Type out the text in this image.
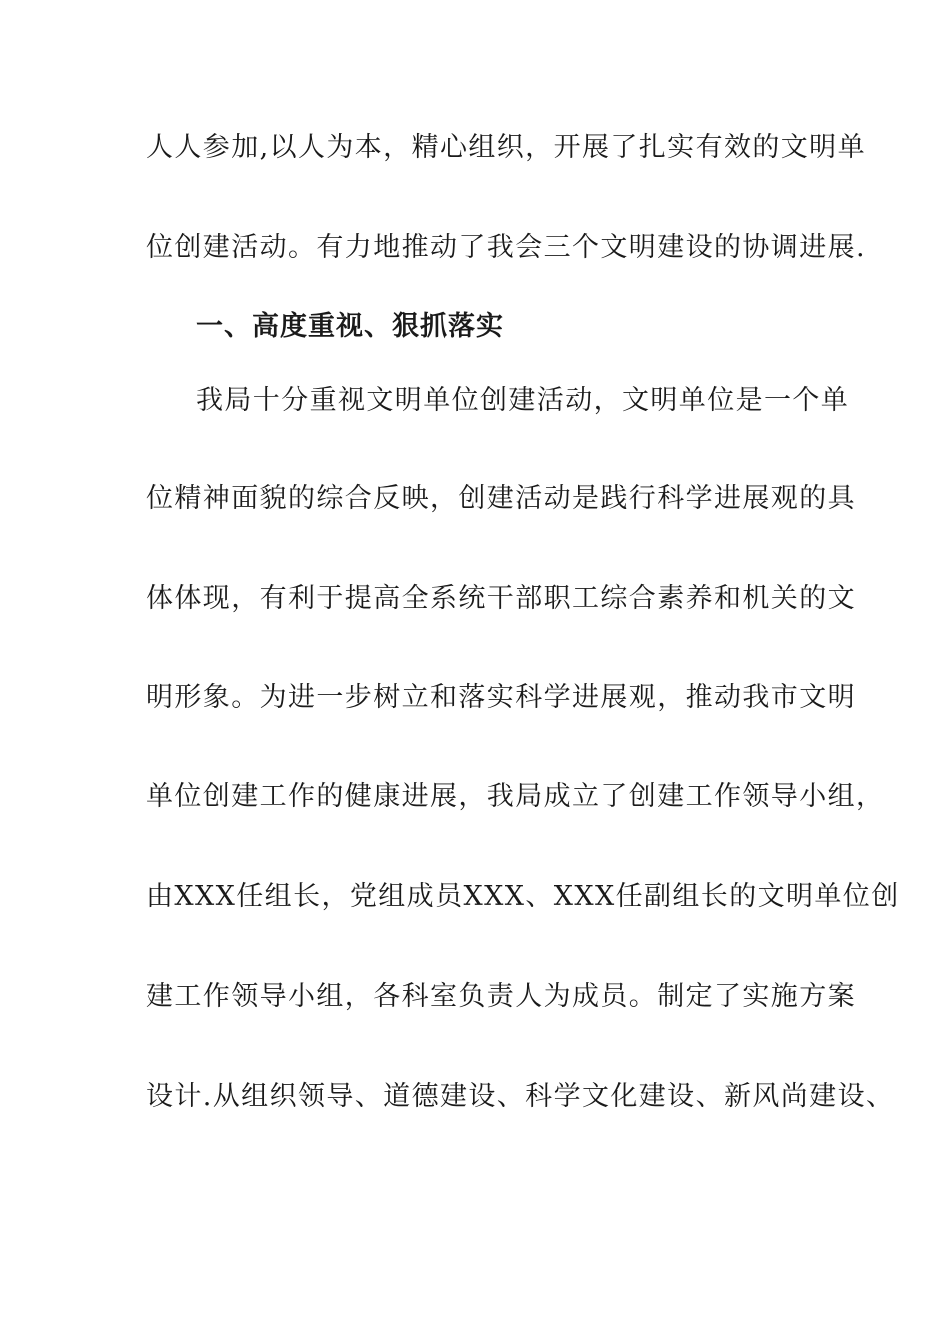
人人参加,以人为本，精心组织，开展了扎实有效的文明单
位创建活动。有力地推动了我会三个文明建设的协调进展.
一、高度重视、狠抓落实
我局十分重视文明单位创建活动，文明单位是一个单
位精神面貌的综合反映，创建活动是践行科学进展观的具
体体现，有利于提高全系统干部职工综合素养和机关的文
明形象。为进一步树立和落实科学进展观，推动我市文明
单位创建工作的健康进展，我局成立了创建工作领导小组，
由XXX任组长，党组成员XXX、XXX任副组长的文明单位创
建工作领导小组，各科室负责人为成员。制定了实施方案
设计.从组织领导、道德建设、科学文化建设、新风尚建设、
